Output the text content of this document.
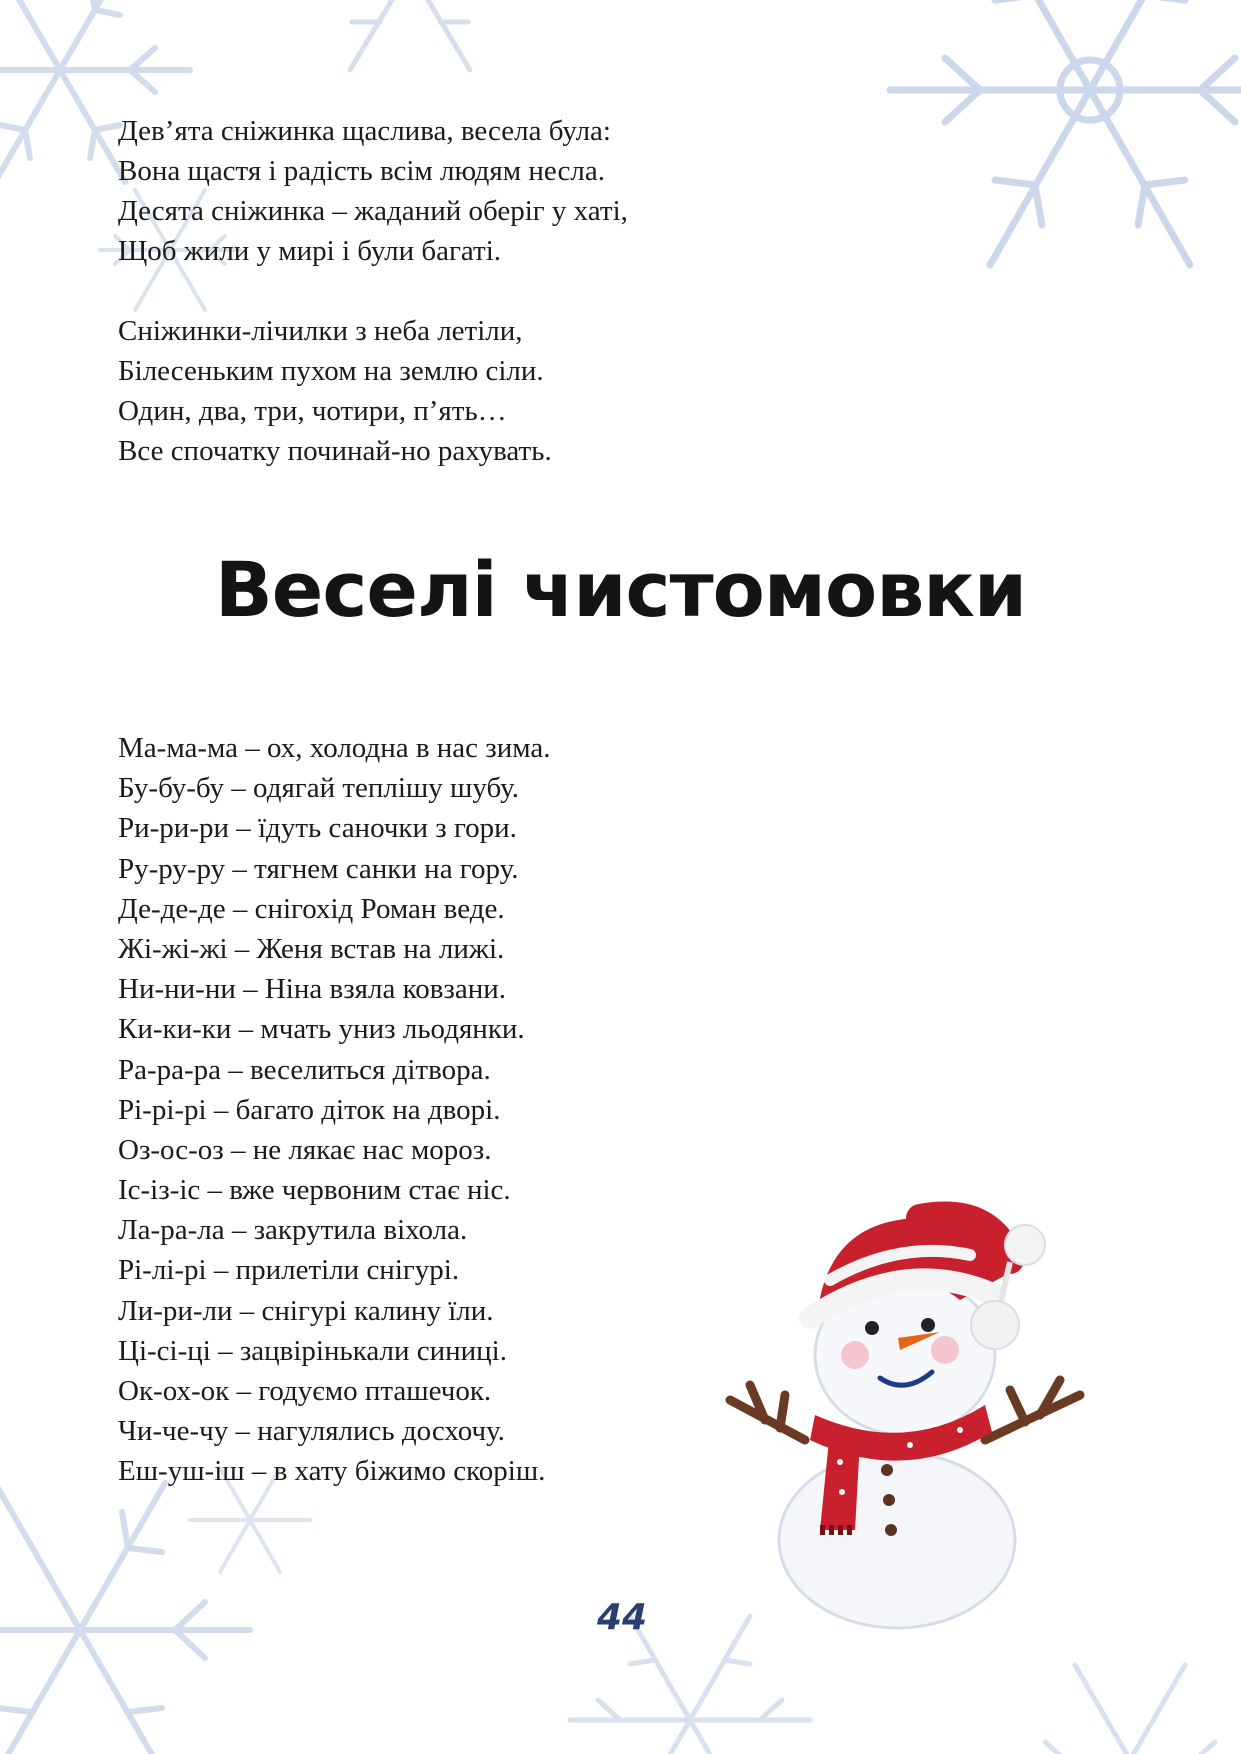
Дев’ята сніжинка щаслива, весела була:
Вона щастя і радість всім людям несла.
Десята сніжинка – жаданий оберіг у хаті,
Щоб жили у мирі і були багаті.
Сніжинки-лічилки з неба летіли,
Білесеньким пухом на землю сіли.
Один, два, три, чотири, п’ять…
Все спочатку починай-но рахувать.
Веселі чистомовки
Ма-ма-ма – ох, холодна в нас зима.
Бу-бу-бу – одягай теплішу шубу.
Ри-ри-ри – їдуть саночки з гори.
Ру-ру-ру – тягнем санки на гору.
Де-де-де – снігохід Роман веде.
Жі-жі-жі – Женя встав на лижі.
Ни-ни-ни – Ніна взяла ковзани.
Ки-ки-ки – мчать униз льодянки.
Ра-ра-ра – веселиться дітвора.
Рі-рі-рі – багато діток на дворі.
Оз-ос-оз – не лякає нас мороз.
Іс-із-іс – вже червоним стає ніс.
Ла-ра-ла – закрутила віхола.
Рі-лі-рі – прилетіли снігурі.
Ли-ри-ли – снігурі калину їли.
Ці-сі-ці – зацвірінькали синиці.
Ок-ох-ок – годуємо пташечок.
Чи-че-чу – нагулялись досхочу.
Еш-уш-іш – в хату біжимо скоріш.
44
